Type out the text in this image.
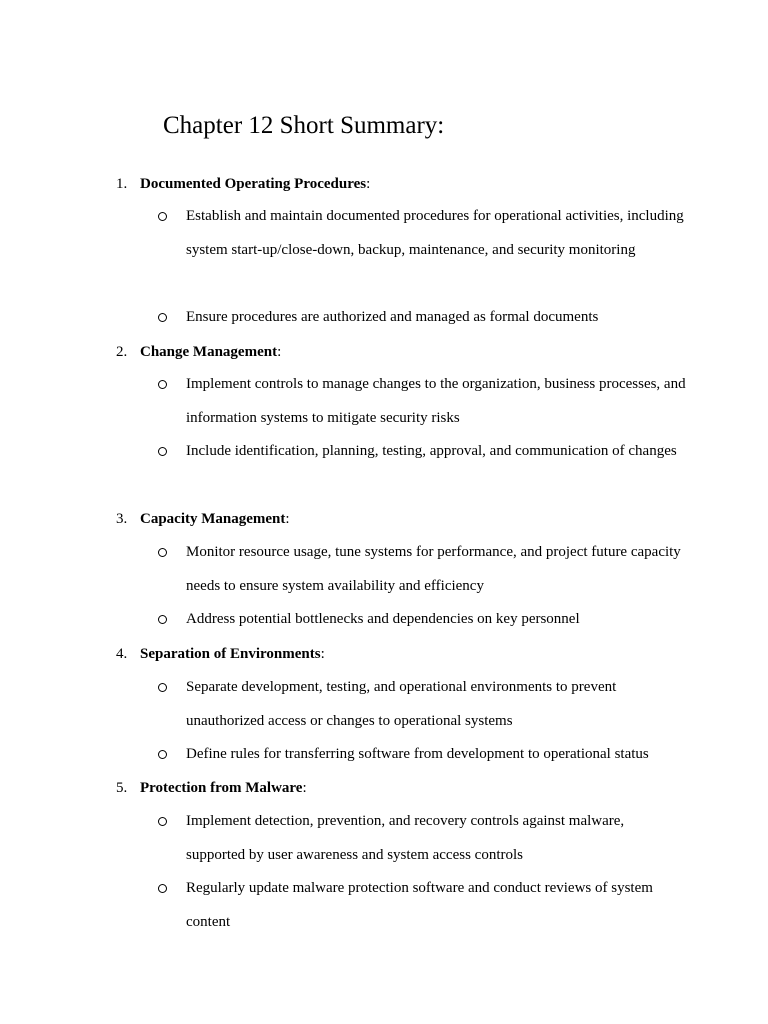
Chapter 12 Short Summary:
1. Documented Operating Procedures:

Establish and maintain documented procedures for operational activities, including system start-up/close-down, backup, maintenance, and security monitoring

Ensure procedures are authorized and managed as formal documents

2. Change Management:

Implement controls to manage changes to the organization, business processes, and information systems to mitigate security risks

Include identification, planning, testing, approval, and communication of changes

3. Capacity Management:

Monitor resource usage, tune systems for performance, and project future capacity needs to ensure system availability and efficiency

Address potential bottlenecks and dependencies on key personnel

4. Separation of Environments:

Separate development, testing, and operational environments to prevent unauthorized access or changes to operational systems

Define rules for transferring software from development to operational status

5. Protection from Malware:

Implement detection, prevention, and recovery controls against malware, supported by user awareness and system access controls

Regularly update malware protection software and conduct reviews of system content
